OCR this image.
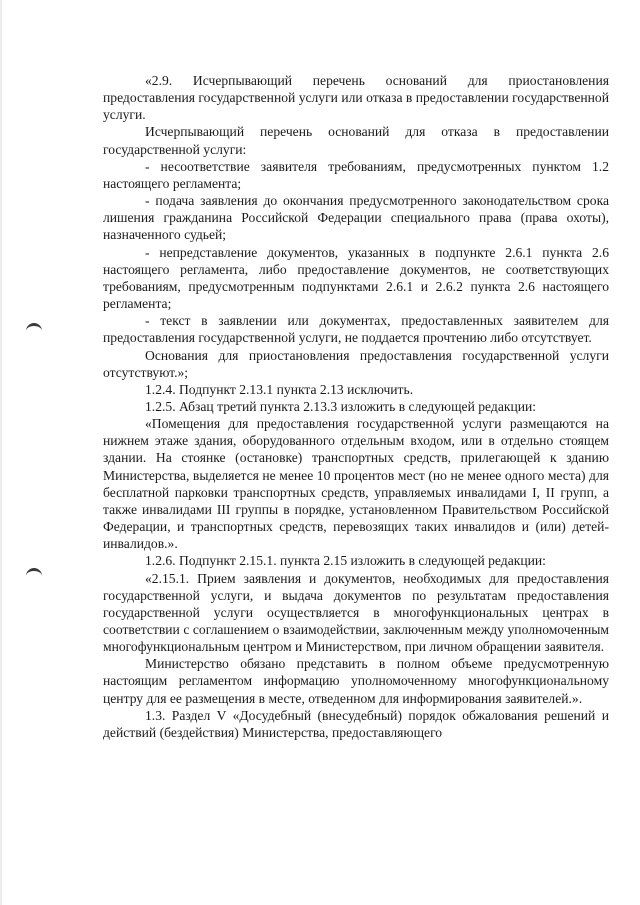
«2.9. Исчерпывающий перечень оснований для приостановления предоставления государственной услуги или отказа в предоставлении государственной услуги.

Исчерпывающий перечень оснований для отказа в предоставлении государственной услуги:

- несоответствие заявителя требованиям, предусмотренных пунктом 1.2 настоящего регламента;

- подача заявления до окончания предусмотренного законодательством срока лишения гражданина Российской Федерации специального права (права охоты), назначенного судьей;

- непредставление документов, указанных в подпункте 2.6.1 пункта 2.6 настоящего регламента, либо предоставление документов, не соответствующих требованиям, предусмотренным подпунктами 2.6.1 и 2.6.2 пункта 2.6 настоящего регламента;

- текст в заявлении или документах, предоставленных заявителем для предоставления государственной услуги, не поддается прочтению либо отсутствует.

Основания для приостановления предоставления государственной услуги отсутствуют.»;

1.2.4. Подпункт 2.13.1 пункта 2.13 исключить.

1.2.5. Абзац третий пункта 2.13.3 изложить в следующей редакции:

«Помещения для предоставления государственной услуги размещаются на нижнем этаже здания, оборудованного отдельным входом, или в отдельно стоящем здании. На стоянке (остановке) транспортных средств, прилегающей к зданию Министерства, выделяется не менее 10 процентов мест (но не менее одного места) для бесплатной парковки транспортных средств, управляемых инвалидами I, II групп, а также инвалидами III группы в порядке, установленном Правительством Российской Федерации, и транспортных средств, перевозящих таких инвалидов и (или) детей-инвалидов.».

1.2.6. Подпункт 2.15.1. пункта 2.15 изложить в следующей редакции:

«2.15.1. Прием заявления и документов, необходимых для предоставления государственной услуги, и выдача документов по результатам предоставления государственной услуги осуществляется в многофункциональных центрах в соответствии с соглашением о взаимодействии, заключенным между уполномоченным многофункциональным центром и Министерством, при личном обращении заявителя.

Министерство обязано представить в полном объеме предусмотренную настоящим регламентом информацию уполномоченному многофункциональному центру для ее размещения в месте, отведенном для информирования заявителей.».

1.3. Раздел V «Досудебный (внесудебный) порядок обжалования решений и действий (бездействия) Министерства, предоставляющего
